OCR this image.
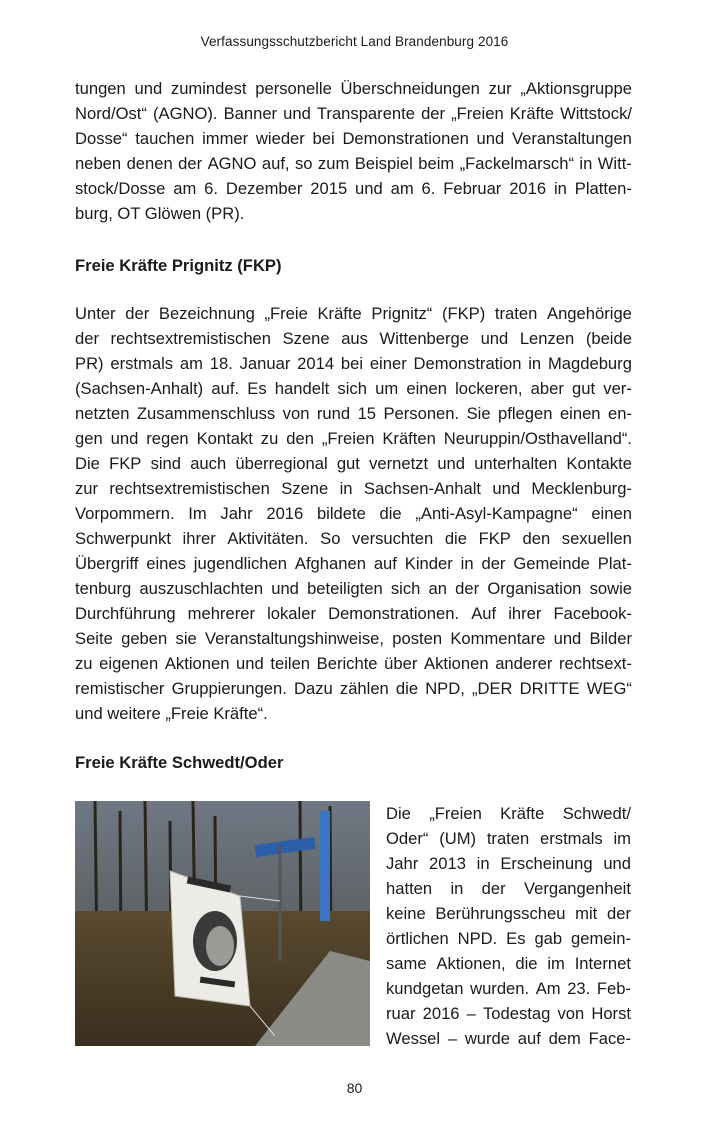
Verfassungsschutzbericht Land Brandenburg 2016
tungen und zumindest personelle Überschneidungen zur „Aktionsgruppe
Nord/Ost“ (AGNO). Banner und Transparente der „Freien Kräfte Wittstock/
Dosse“ tauchen immer wieder bei Demonstrationen und Veranstaltungen
neben denen der AGNO auf, so zum Beispiel beim „Fackelmarsch“ in Witt-
stock/Dosse am 6. Dezember 2015 und am 6. Februar 2016 in Platten-
burg, OT Glöwen (PR).
Freie Kräfte Prignitz (FKP)
Unter der Bezeichnung „Freie Kräfte Prignitz“ (FKP) traten Angehörige
der rechtsextremistischen Szene aus Wittenberge und Lenzen (beide
PR) erstmals am 18. Januar 2014 bei einer Demonstration in Magdeburg
(Sachsen-Anhalt) auf. Es handelt sich um einen lockeren, aber gut ver-
netzten Zusammenschluss von rund 15 Personen. Sie pflegen einen en-
gen und regen Kontakt zu den „Freien Kräften Neuruppin/Osthavelland“.
Die FKP sind auch überregional gut vernetzt und unterhalten Kontakte
zur rechtsextremistischen Szene in Sachsen-Anhalt und Mecklenburg-
Vorpommern. Im Jahr 2016 bildete die „Anti-Asyl-Kampagne“ einen
Schwerpunkt ihrer Aktivitäten. So versuchten die FKP den sexuellen
Übergriff eines jugendlichen Afghanen auf Kinder in der Gemeinde Plat-
tenburg auszuschlachten und beteiligten sich an der Organisation sowie
Durchführung mehrerer lokaler Demonstrationen. Auf ihrer Facebook-
Seite geben sie Veranstaltungshinweise, posten Kommentare und Bilder
zu eigenen Aktionen und teilen Berichte über Aktionen anderer rechtsext-
remistischer Gruppierungen. Dazu zählen die NPD, „DER DRITTE WEG“
und weitere „Freie Kräfte“.
Freie Kräfte Schwedt/Oder
Die „Freien Kräfte Schwedt/
Oder“ (UM) traten erstmals im
Jahr 2013 in Erscheinung und
hatten in der Vergangenheit
keine Berührungsscheu mit der
örtlichen NPD. Es gab gemein-
same Aktionen, die im Internet
kundgetan wurden. Am 23. Feb-
ruar 2016 – Todestag von Horst
Wessel – wurde auf dem Face-
80
